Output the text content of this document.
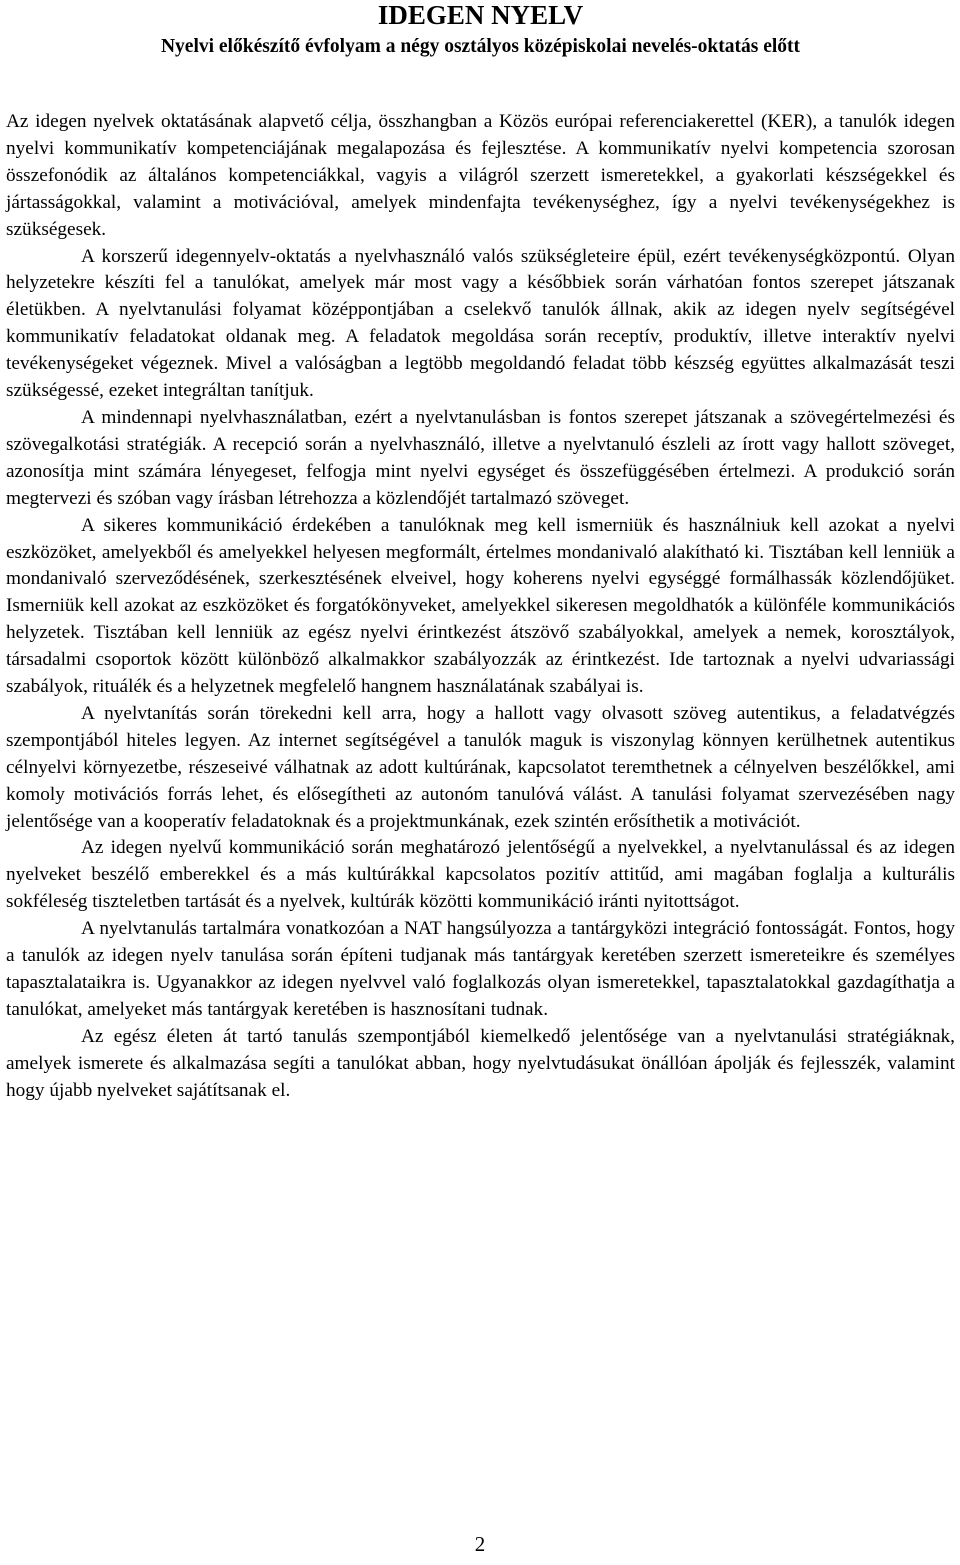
IDEGEN NYELV
Nyelvi előkészítő évfolyam a négy osztályos középiskolai nevelés-oktatás előtt

Az idegen nyelvek oktatásának alapvető célja, összhangban a Közös európai referenciakerettel (KER), a tanulók idegen nyelvi kommunikatív kompetenciájának megalapozása és fejlesztése. A kommunikatív nyelvi kompetencia szorosan összefonódik az általános kompetenciákkal, vagyis a világról szerzett ismeretekkel, a gyakorlati készségekkel és jártasságokkal, valamint a motivációval, amelyek mindenfajta tevékenységhez, így a nyelvi tevékenységekhez is szükségesek.

A korszerű idegennyelv-oktatás a nyelvhasználó valós szükségleteire épül, ezért tevékenységközpontú. Olyan helyzetekre készíti fel a tanulókat, amelyek már most vagy a későbbiek során várhatóan fontos szerepet játszanak életükben. A nyelvtanulási folyamat középpontjában a cselekvő tanulók állnak, akik az idegen nyelv segítségével kommunikatív feladatokat oldanak meg. A feladatok megoldása során receptív, produktív, illetve interaktív nyelvi tevékenységeket végeznek. Mivel a valóságban a legtöbb megoldandó feladat több készség együttes alkalmazását teszi szükségessé, ezeket integráltan tanítjuk.

A mindennapi nyelvhasználatban, ezért a nyelvtanulásban is fontos szerepet játszanak a szövegértelmezési és szövegalkotási stratégiák. A recepció során a nyelvhasználó, illetve a nyelvtanuló észleli az írott vagy hallott szöveget, azonosítja mint számára lényegeset, felfogja mint nyelvi egységet és összefüggésében értelmezi. A produkció során megtervezi és szóban vagy írásban létrehozza a közlendőjét tartalmazó szöveget.

A sikeres kommunikáció érdekében a tanulóknak meg kell ismerniük és használniuk kell azokat a nyelvi eszközöket, amelyekből és amelyekkel helyesen megformált, értelmes mondanivaló alakítható ki. Tisztában kell lenniük a mondanivaló szerveződésének, szerkesztésének elveivel, hogy koherens nyelvi egységgé formálhassák közlendőjüket. Ismerniük kell azokat az eszközöket és forgatókönyveket, amelyekkel sikeresen megoldhatók a különféle kommunikációs helyzetek. Tisztában kell lenniük az egész nyelvi érintkezést átszövő szabályokkal, amelyek a nemek, korosztályok, társadalmi csoportok között különböző alkalmakkor szabályozzák az érintkezést. Ide tartoznak a nyelvi udvariassági szabályok, rituálék és a helyzetnek megfelelő hangnem használatának szabályai is.

A nyelvtanítás során törekedni kell arra, hogy a hallott vagy olvasott szöveg autentikus, a feladatvégzés szempontjából hiteles legyen. Az internet segítségével a tanulók maguk is viszonylag könnyen kerülhetnek autentikus célnyelvi környezetbe, részeseivé válhatnak az adott kultúrának, kapcsolatot teremthetnek a célnyelven beszélőkkel, ami komoly motivációs forrás lehet, és elősegítheti az autonóm tanulóvá válást. A tanulási folyamat szervezésében nagy jelentősége van a kooperatív feladatoknak és a projektmunkának, ezek szintén erősíthetik a motivációt.

Az idegen nyelvű kommunikáció során meghatározó jelentőségű a nyelvekkel, a nyelvtanulással és az idegen nyelveket beszélő emberekkel és a más kultúrákkal kapcsolatos pozitív attitűd, ami magában foglalja a kulturális sokféleség tiszteletben tartását és a nyelvek, kultúrák közötti kommunikáció iránti nyitottságot.

A nyelvtanulás tartalmára vonatkozóan a NAT hangsúlyozza a tantárgyközi integráció fontosságát. Fontos, hogy a tanulók az idegen nyelv tanulása során építeni tudjanak más tantárgyak keretében szerzett ismereteikre és személyes tapasztalataikra is. Ugyanakkor az idegen nyelvvel való foglalkozás olyan ismeretekkel, tapasztalatokkal gazdagíthatja a tanulókat, amelyeket más tantárgyak keretében is hasznosítani tudnak.

Az egész életen át tartó tanulás szempontjából kiemelkedő jelentősége van a nyelvtanulási stratégiáknak, amelyek ismerete és alkalmazása segíti a tanulókat abban, hogy nyelvtudásukat önállóan ápolják és fejlesszék, valamint hogy újabb nyelveket sajátítsanak el.

2
